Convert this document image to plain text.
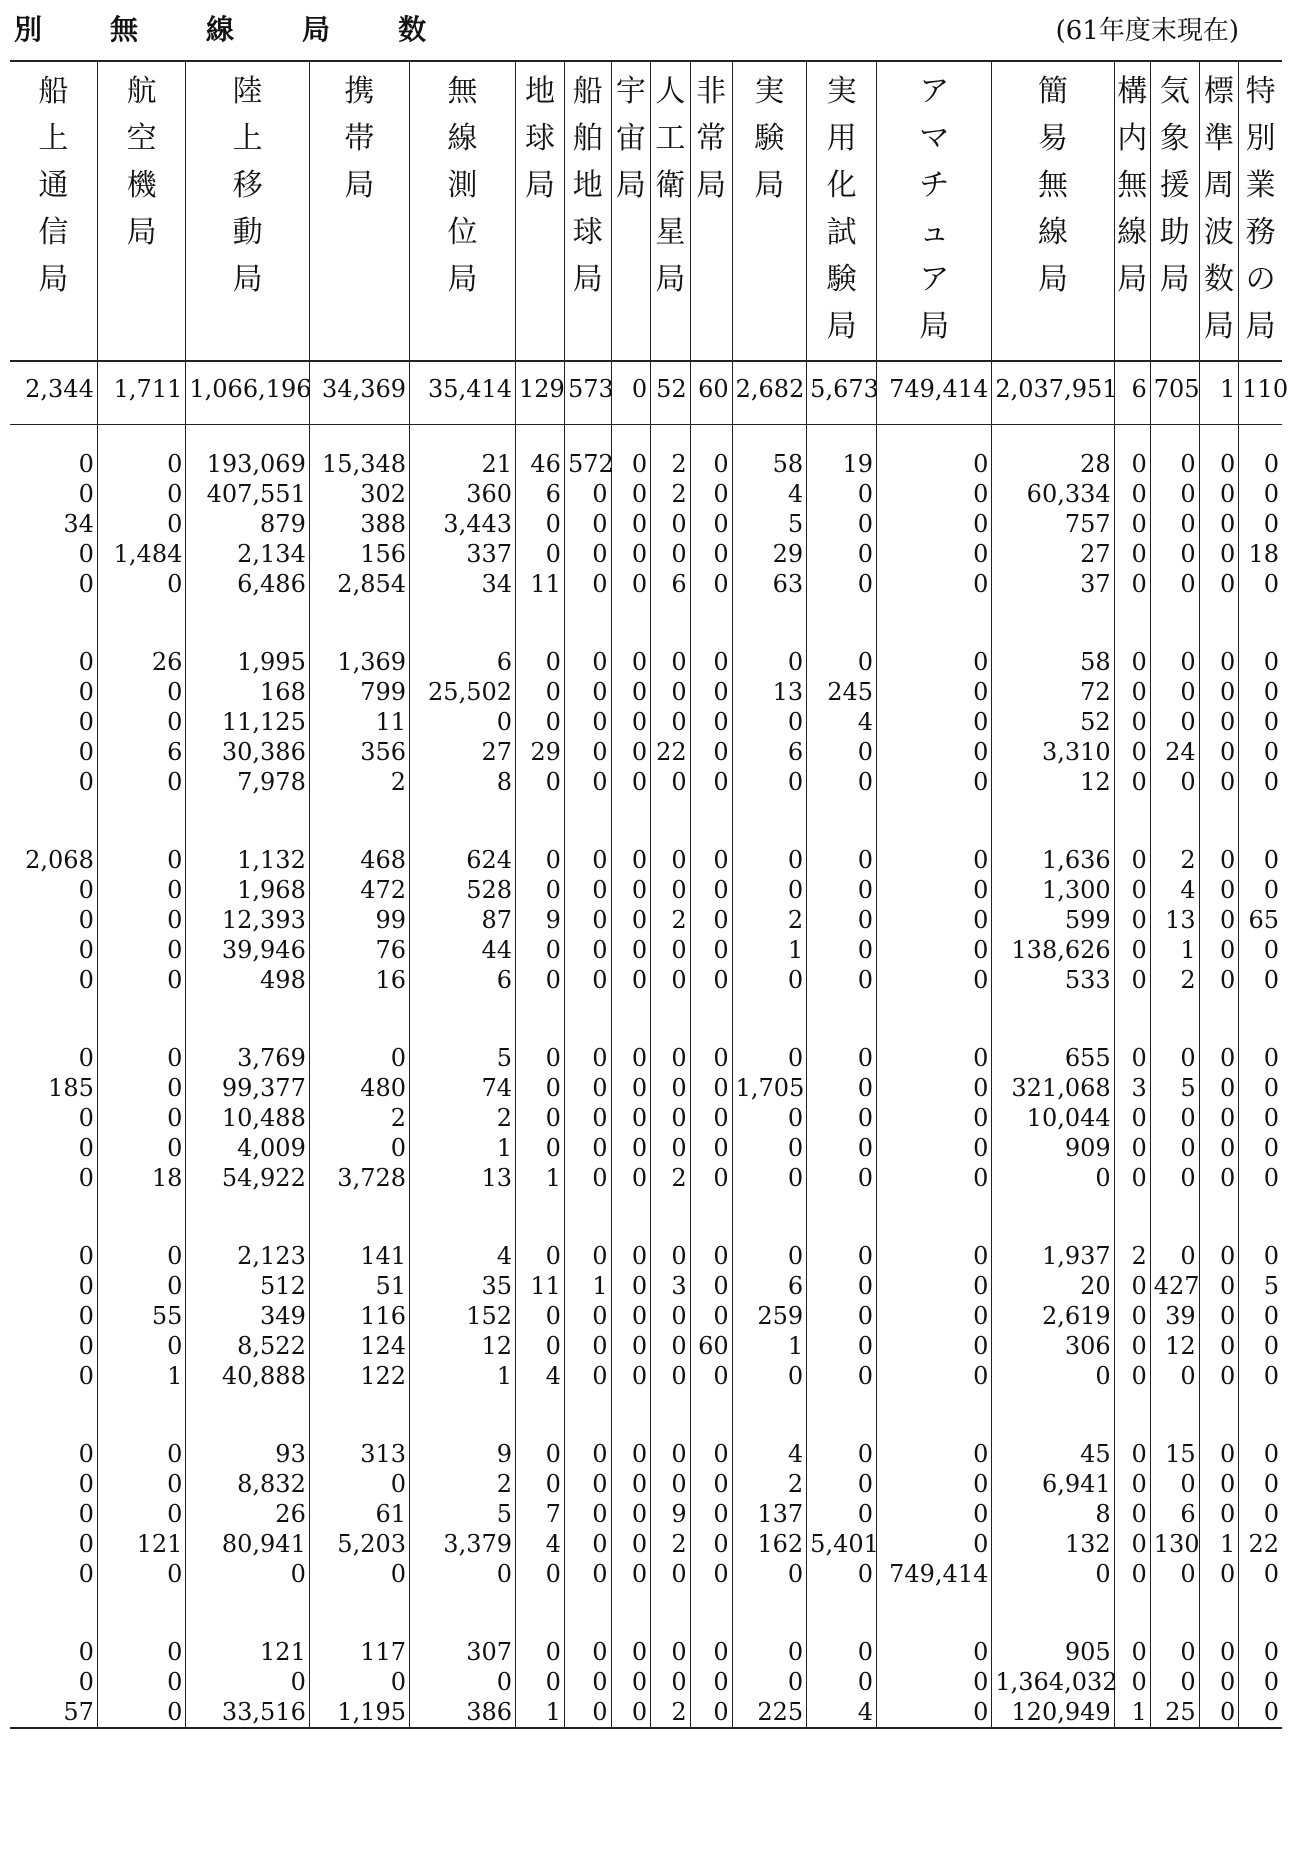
別 無 線 局 数	(61年度末現在)
船上通信局	航空機局	陸上移動局	携帯局	無線測位局	地球局	船舶地球局	宇宙局	人工衛星局	非常局	実験局	実用化試験局	アマチュア局	簡易無線局	構内無線局	気象援助局	標準周波数局	特別業務の局
2,344	1,711	1,066,196	34,369	35,414	129	573	0	52	60	2,682	5,673	749,414	2,037,951	6	705	1	110

0	0	193,069	15,348	21	46	572	0	2	0	58	19	0	28	0	0	0	0
0	0	407,551	302	360	6	0	0	2	0	4	0	0	60,334	0	0	0	0
34	0	879	388	3,443	0	0	0	0	0	5	0	0	757	0	0	0	0
0	1,484	2,134	156	337	0	0	0	0	0	29	0	0	27	0	0	0	18
0	0	6,486	2,854	34	11	0	0	6	0	63	0	0	37	0	0	0	0

0	26	1,995	1,369	6	0	0	0	0	0	0	0	0	58	0	0	0	0
0	0	168	799	25,502	0	0	0	0	0	13	245	0	72	0	0	0	0
0	0	11,125	11	0	0	0	0	0	0	0	4	0	52	0	0	0	0
0	6	30,386	356	27	29	0	0	22	0	6	0	0	3,310	0	24	0	0
0	0	7,978	2	8	0	0	0	0	0	0	0	0	12	0	0	0	0

2,068	0	1,132	468	624	0	0	0	0	0	0	0	0	1,636	0	2	0	0
0	0	1,968	472	528	0	0	0	0	0	0	0	0	1,300	0	4	0	0
0	0	12,393	99	87	9	0	0	2	0	2	0	0	599	0	13	0	65
0	0	39,946	76	44	0	0	0	0	0	1	0	0	138,626	0	1	0	0
0	0	498	16	6	0	0	0	0	0	0	0	0	533	0	2	0	0

0	0	3,769	0	5	0	0	0	0	0	0	0	0	655	0	0	0	0
185	0	99,377	480	74	0	0	0	0	0	1,705	0	0	321,068	3	5	0	0
0	0	10,488	2	2	0	0	0	0	0	0	0	0	10,044	0	0	0	0
0	0	4,009	0	1	0	0	0	0	0	0	0	0	909	0	0	0	0
0	18	54,922	3,728	13	1	0	0	2	0	0	0	0	0	0	0	0	0

0	0	2,123	141	4	0	0	0	0	0	0	0	0	1,937	2	0	0	0
0	0	512	51	35	11	1	0	3	0	6	0	0	20	0	427	0	5
0	55	349	116	152	0	0	0	0	0	259	0	0	2,619	0	39	0	0
0	0	8,522	124	12	0	0	0	0	60	1	0	0	306	0	12	0	0
0	1	40,888	122	1	4	0	0	0	0	0	0	0	0	0	0	0	0

0	0	93	313	9	0	0	0	0	0	4	0	0	45	0	15	0	0
0	0	8,832	0	2	0	0	0	0	0	2	0	0	6,941	0	0	0	0
0	0	26	61	5	7	0	0	9	0	137	0	0	8	0	6	0	0
0	121	80,941	5,203	3,379	4	0	0	2	0	162	5,401	0	132	0	130	1	22
0	0	0	0	0	0	0	0	0	0	0	0	749,414	0	0	0	0	0

0	0	121	117	307	0	0	0	0	0	0	0	0	905	0	0	0	0
0	0	0	0	0	0	0	0	0	0	0	0	0	1,364,032	0	0	0	0
57	0	33,516	1,195	386	1	0	0	2	0	225	4	0	120,949	1	25	0	0
